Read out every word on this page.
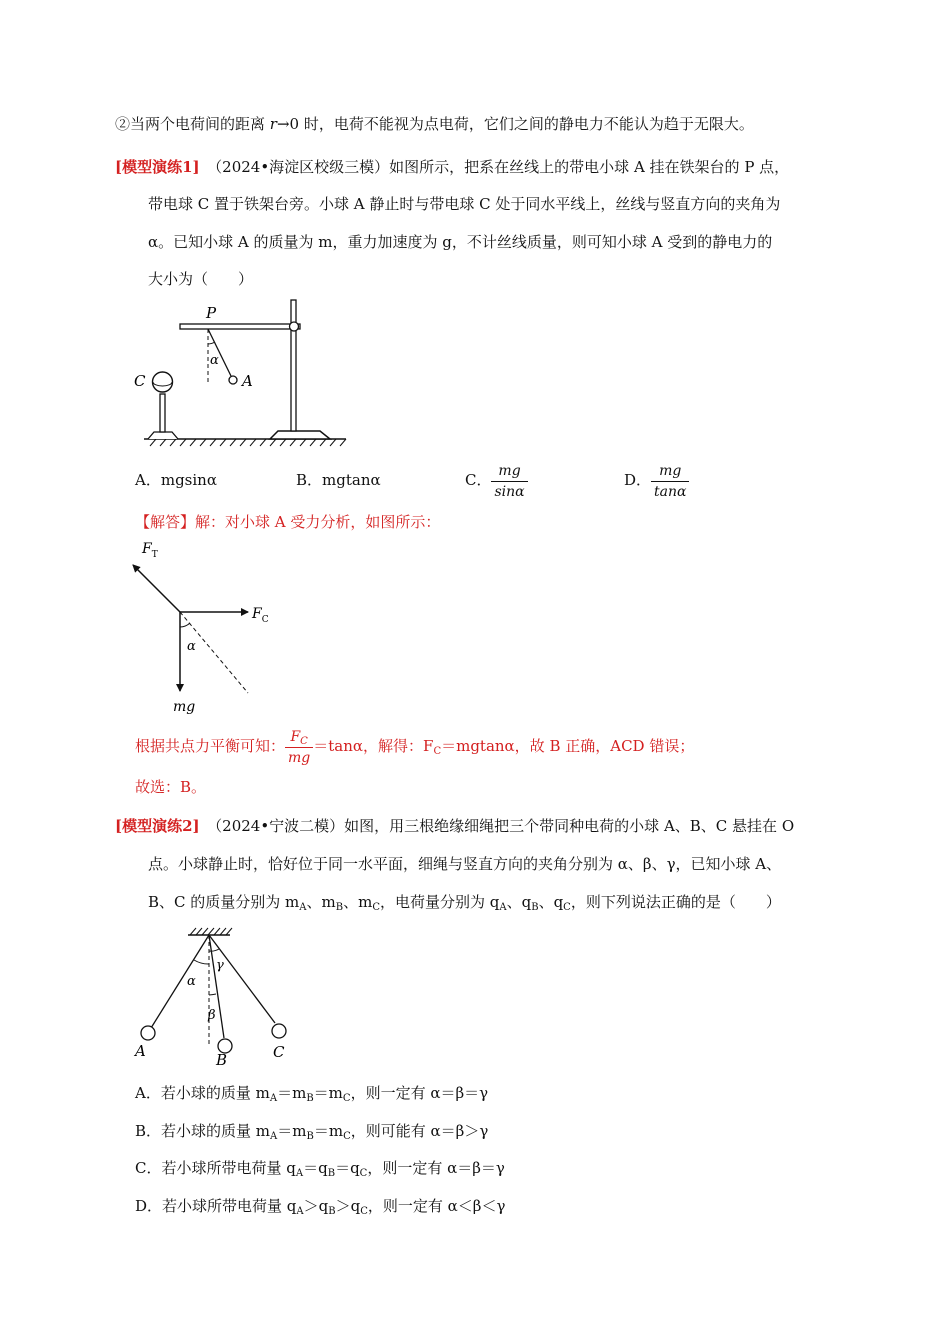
②当两个电荷间的距离 r→0 时，电荷不能视为点电荷，它们之间的静电力不能认为趋于无限大。
[模型演练1]　 （2024•海淀区校级三模）如图所示，把系在丝线上的带电小球 A 挂在铁架台的 P 点，
带电球 C 置于铁架台旁。小球 A 静止时与带电球 C 处于同水平线上，丝线与竖直方向的夹角为
α。已知小球 A 的质量为 m，重力加速度为 g，不计丝线质量，则可知小球 A 受到的静电力的
大小为（　　）
P
α
A
C
A．mgsinα	B．mgtanα	C． $\frac{mg}{\sin\alpha}$	D． $\frac{mg}{\tan\alpha}$
【解答】解：对小球 A 受力分析，如图所示：
$F_T$
$F_C$
α
mg
根据共点力平衡可知： $\frac{F_C}{mg} =\tan\alpha$，解得：$F_C=mgtan\alpha$，故 B 正确，ACD 错误；
故选：B。
[模型演练2]　 （2024•宁波二模）如图，用三根绝缘细绳把三个带同种电荷的小球 A、B、C 悬挂在 O
点。小球静止时，恰好位于同一水平面，细绳与竖直方向的夹角分别为 α、β、γ，已知小球 A、
B、C 的质量分别为 $m_A$、$m_B$、$m_C$，电荷量分别为 $q_A$、$q_B$、$q_C$，则下列说法正确的是（　　）
α
β
γ
A	B	C
A．若小球的质量 $m_A=m_B=m_C$，则一定有 α＝β＝γ
B．若小球的质量 $m_A=m_B=m_C$，则可能有 α＝β＞γ
C．若小球所带电荷量 $q_A=q_B=q_C$，则一定有 α＝β＝γ
D．若小球所带电荷量 $q_A>q_B>q_C$，则一定有 α＜β＜γ
